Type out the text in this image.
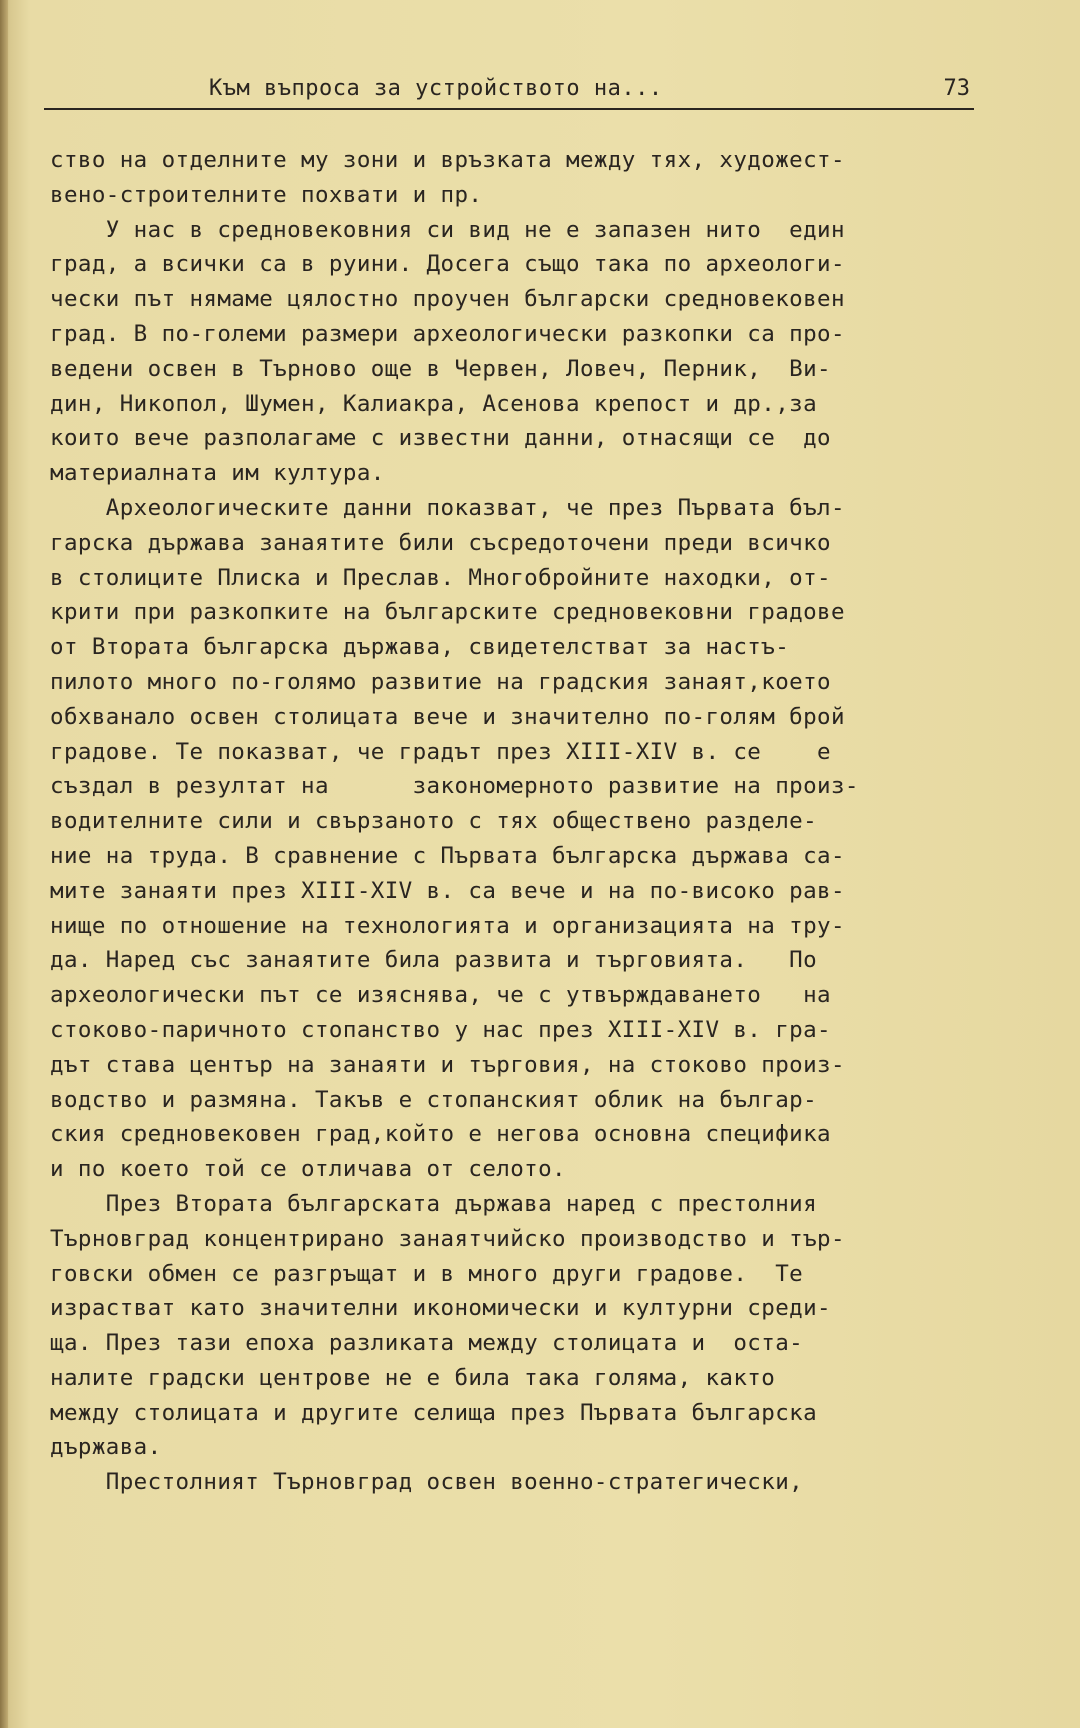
Към въпроса за устройството на...	73
ство на отделните му зони и връзката между тях, художест-
вено-строителните похвати и пр.
У нас в средновековния си вид не е запазен нито  един
град, а всички са в руини. Досега също така по археологи-
чески път нямаме цялостно проучен български средновековен
град. В по-големи размери археологически разкопки са про-
ведени освен в Търново още в Червен, Ловеч, Перник,  Ви-
дин, Никопол, Шумен, Калиакра, Асенова крепост и др.,за
които вече разполагаме с известни данни, отнасящи се  до
материалната им култура.
Археологическите данни показват, че през Първата бъл-
гарска държава занаятите били съсредоточени преди всичко
в столиците Плиска и Преслав. Многобройните находки, от-
крити при разкопките на българските средновековни градове
от Втората българска държава, свидетелстват за настъ-
пилото много по-голямо развитие на градския занаят,което
обхванало освен столицата вече и значително по-голям брой
градове. Те показват, че градът през XIII-XIV в. се    е
създал в резултат на      закономерното развитие на произ-
водителните сили и свързаното с тях обществено разделе-
ние на труда. В сравнение с Първата българска държава са-
мите занаяти през XIII-XIV в. са вече и на по-високо рав-
нище по отношение на технологията и организацията на тру-
да. Наред със занаятите била развита и търговията.   По
археологически път се изяснява, че с утвърждаването   на
стоково-паричното стопанство у нас през XIII-XIV в. гра-
дът става център на занаяти и търговия, на стоково произ-
водство и размяна. Такъв е стопанският облик на българ-
ския средновековен град,който е негова основна специфика
и по което той се отличава от селото.
През Втората българската държава наред с престолния
Търновград концентрирано занаятчийско производство и тър-
говски обмен се разгръщат и в много други градове.  Те
израстват като значителни икономически и културни среди-
ща. През тази епоха разликата между столицата и  оста-
налите градски центрове не е била така голяма, както
между столицата и другите селища през Първата българска
държава.
Престолният Търновград освен военно-стратегически,
